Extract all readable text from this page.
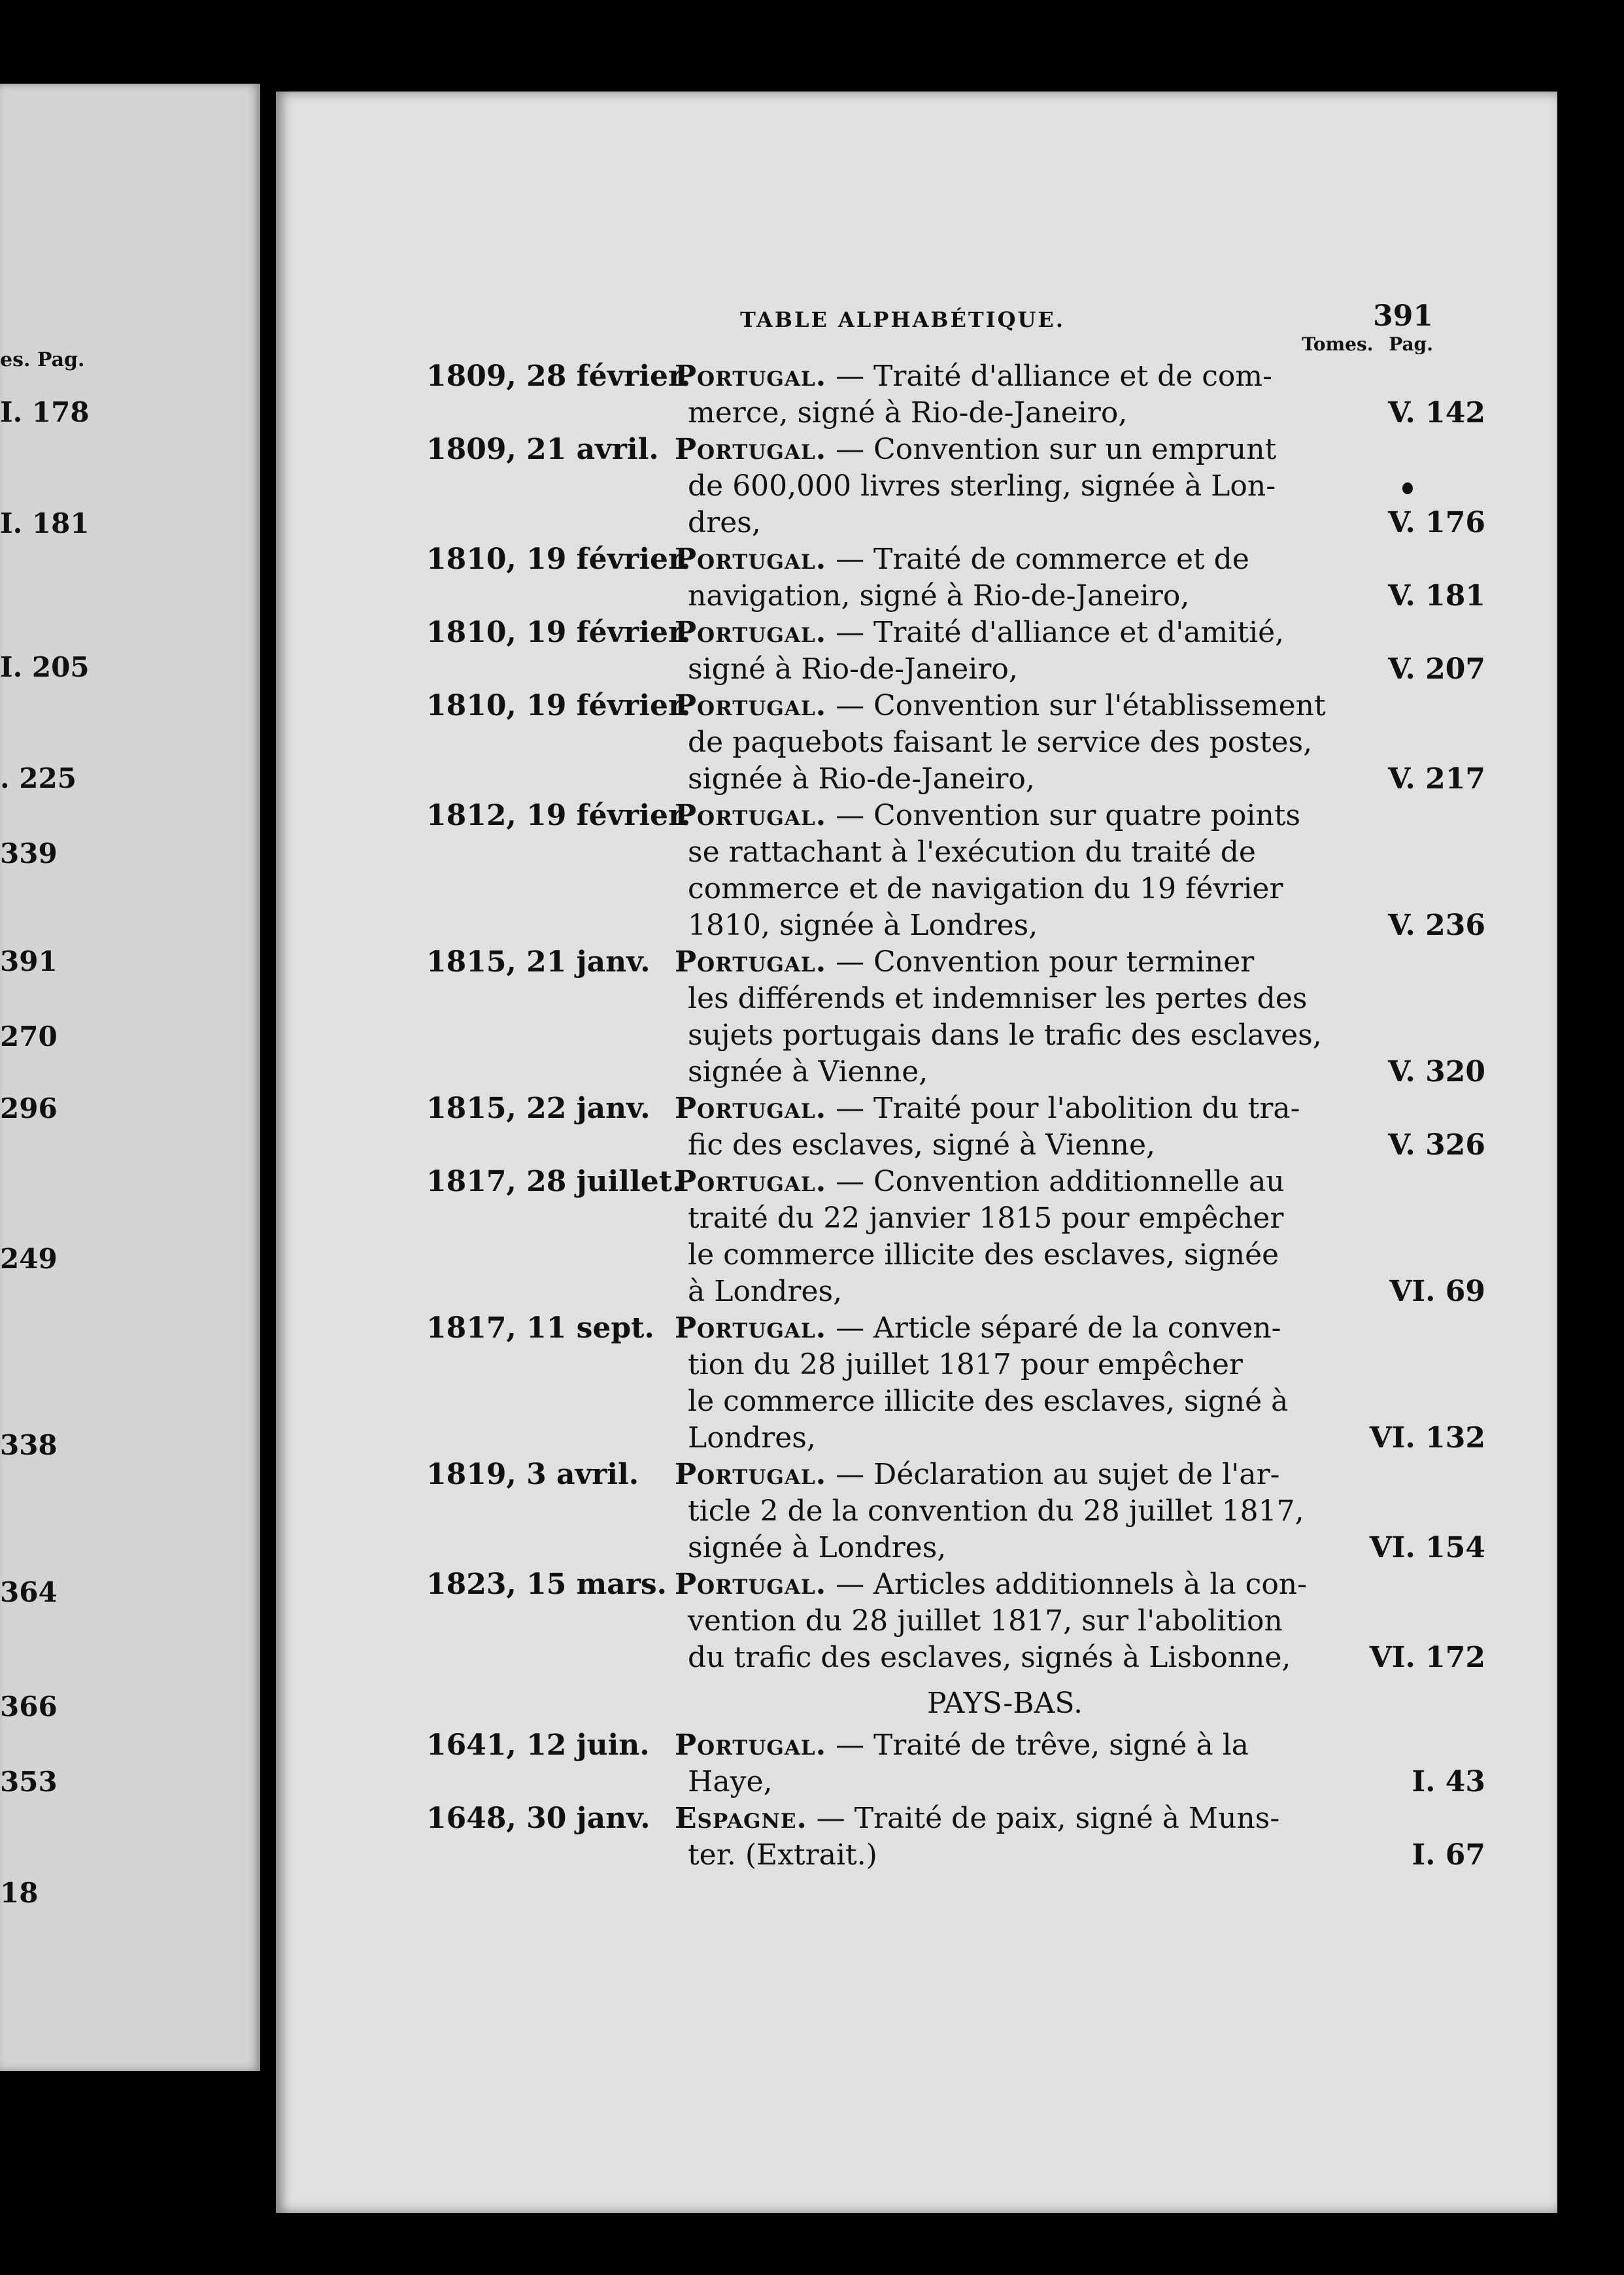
es. Pag.
I. 178
I. 181
I. 205
. 225
339
391
270
296
249
338
364
366
353
18
TABLE ALPHABÉTIQUE.	391
Tomes. Pag.
1809, 28 février.
Portugal. — Traité d'alliance et de com-
merce, signé à Rio-de-Janeiro,	V. 142
1809, 21 avril. Portugal. — Convention sur un emprunt
de 600,000 livres sterling, signée à Lon-
dres,	V. 176
1810, 19 février.
Portugal. — Traité de commerce et de
navigation, signé à Rio-de-Janeiro,	V. 181
1810, 19 février.
Portugal. — Traité d'alliance et d'amitié,
signé à Rio-de-Janeiro,	V. 207
1810, 19 février.
Portugal. — Convention sur l'établissement
de paquebots faisant le service des postes,
signée à Rio-de-Janeiro,	V. 217
1812, 19 février.
Portugal. — Convention sur quatre points
se rattachant à l'exécution du traité de
commerce et de navigation du 19 février
1810, signée à Londres,	V. 236
1815, 21 janv. Portugal. — Convention pour terminer
les différends et indemniser les pertes des
sujets portugais dans le trafic des esclaves,
signée à Vienne,	V. 320
1815, 22 janv. Portugal. — Traité pour l'abolition du tra-
fic des esclaves, signé à Vienne,	V. 326
1817, 28 juillet.
Portugal. — Convention additionnelle au
traité du 22 janvier 1815 pour empêcher
le commerce illicite des esclaves, signée
à Londres,	VI. 69
1817, 11 sept. Portugal. — Article séparé de la conven-
tion du 28 juillet 1817 pour empêcher
le commerce illicite des esclaves, signé à
Londres,	VI. 132
1819, 3 avril. Portugal. — Déclaration au sujet de l'ar-
ticle 2 de la convention du 28 juillet 1817,
signée à Londres,	VI. 154
1823, 15 mars. Portugal. — Articles additionnels à la con-
vention du 28 juillet 1817, sur l'abolition
du trafic des esclaves, signés à Lisbonne,	VI. 172
PAYS-BAS.
1641, 12 juin. Portugal. — Traité de trêve, signé à la
Haye,	I. 43
1648, 30 janv. Espagne. — Traité de paix, signé à Muns-
ter. (Extrait.)	I. 67
